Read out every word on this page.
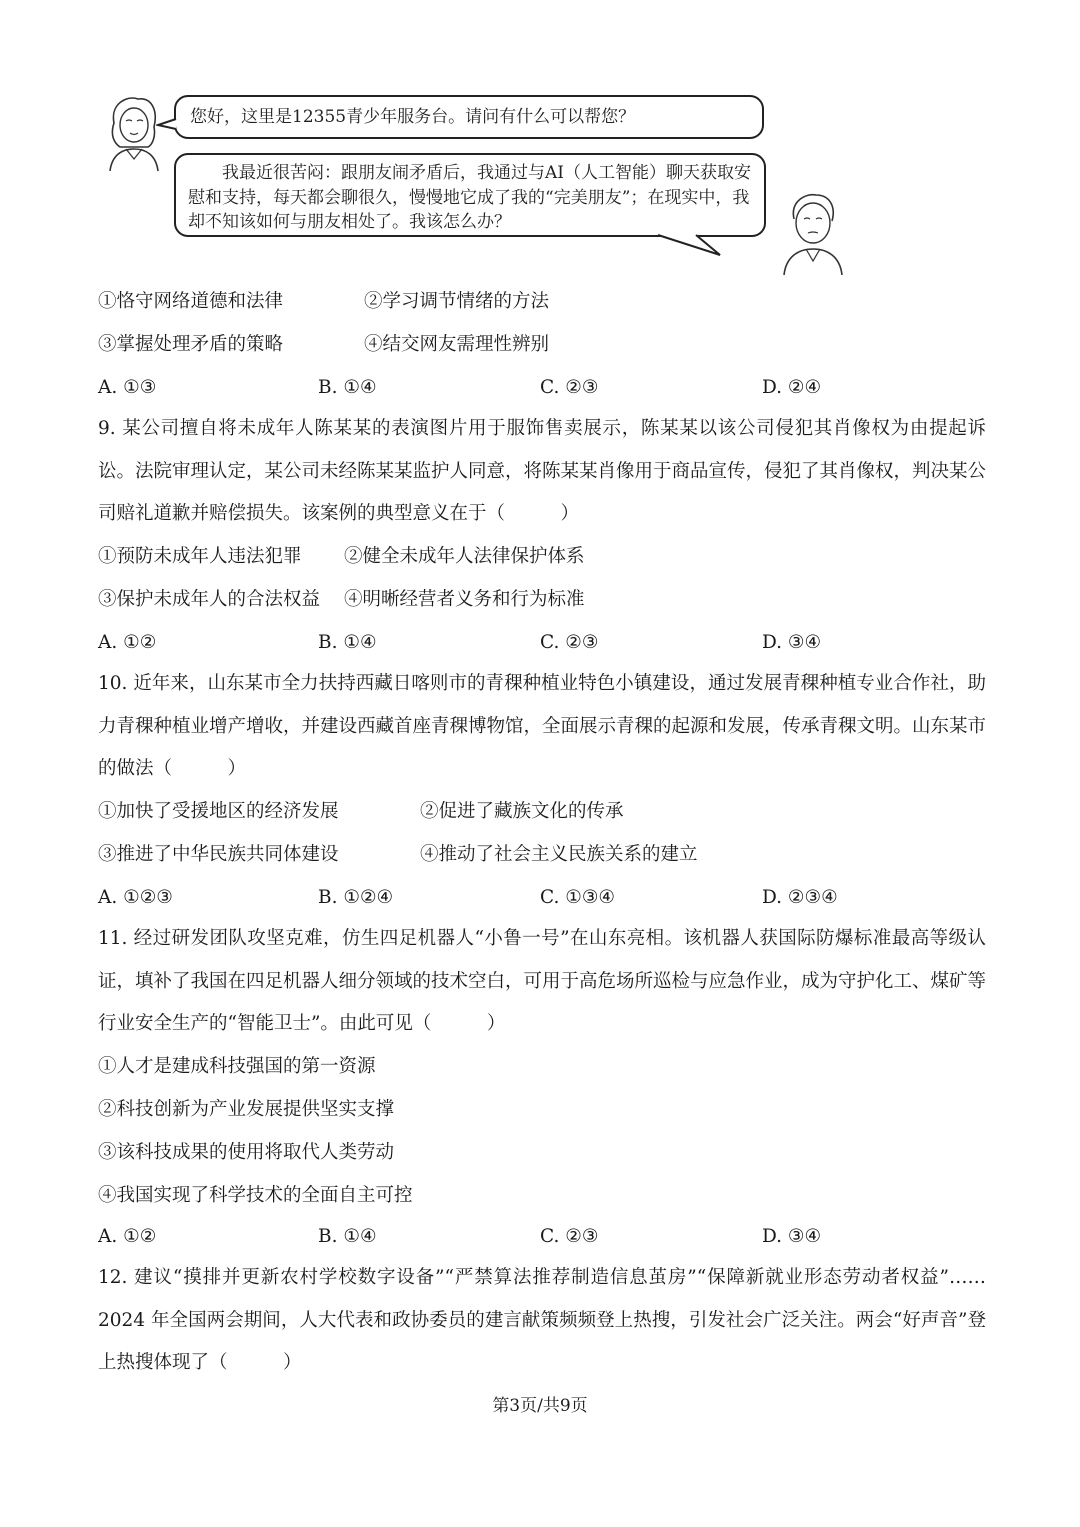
您好，这里是12355青少年服务台。请问有什么可以帮您？
我最近很苦闷：跟朋友闹矛盾后，我通过与AI（人工智能）聊天获取安慰和支持，每天都会聊很久，慢慢地它成了我的“完美朋友”；在现实中，我却不知该如何与朋友相处了。我该怎么办？
①恪守网络道德和法律	②学习调节情绪的方法
③掌握处理矛盾的策略	④结交网友需理性辨别
A. ①③	B. ①④	C. ②③	D. ②④
9. 某公司擅自将未成年人陈某某的表演图片用于服饰售卖展示，陈某某以该公司侵犯其肖像权为由提起诉讼。法院审理认定，某公司未经陈某某监护人同意，将陈某某肖像用于商品宣传，侵犯了其肖像权，判决某公司赔礼道歉并赔偿损失。该案例的典型意义在于（　　　）
①预防未成年人违法犯罪 ②健全未成年人法律保护体系
③保护未成年人的合法权益 ④明晰经营者义务和行为标准
A. ①②	B. ①④	C. ②③	D. ③④
10. 近年来，山东某市全力扶持西藏日喀则市的青稞种植业特色小镇建设，通过发展青稞种植专业合作社，助力青稞种植业增产增收，并建设西藏首座青稞博物馆，全面展示青稞的起源和发展，传承青稞文明。山东某市的做法（　　　）
①加快了受援地区的经济发展	②促进了藏族文化的传承
③推进了中华民族共同体建设	④推动了社会主义民族关系的建立
A. ①②③	B. ①②④	C. ①③④	D. ②③④
11. 经过研发团队攻坚克难，仿生四足机器人“小鲁一号”在山东亮相。该机器人获国际防爆标准最高等级认证，填补了我国在四足机器人细分领域的技术空白，可用于高危场所巡检与应急作业，成为守护化工、煤矿等行业安全生产的“智能卫士”。由此可见（　　　）
①人才是建成科技强国的第一资源
②科技创新为产业发展提供坚实支撑
③该科技成果的使用将取代人类劳动
④我国实现了科学技术的全面自主可控
A. ①②	B. ①④	C. ②③	D. ③④
12. 建议“摸排并更新农村学校数字设备”“严禁算法推荐制造信息茧房”“保障新就业形态劳动者权益”……2024 年全国两会期间，人大代表和政协委员的建言献策频频登上热搜，引发社会广泛关注。两会“好声音”登上热搜体现了（　　　）
第3页/共9页
